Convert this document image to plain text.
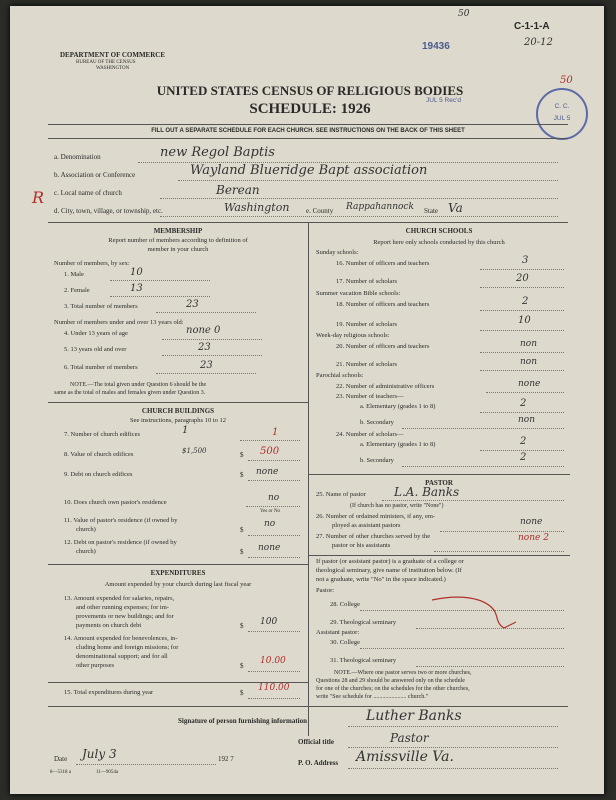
50
C-1-1-A
20-12
19436
50
DEPARTMENT OF COMMERCE
BUREAU OF THE CENSUS
WASHINGTON
UNITED STATES CENSUS OF RELIGIOUS BODIES
SCHEDULE: 1926
JUL 5 Rec'd
C. C.
JUL 5
FILL OUT A SEPARATE SCHEDULE FOR EACH CHURCH. SEE INSTRUCTIONS ON THE BACK OF THIS SHEET
R
a. Denomination	new Regol Baptis
b. Association or Conference	Wayland Blueridge Bapt association
c. Local name of church	Berean
d. City, town, village, or township, etc.	Washington e. County Rappahannock State Va
MEMBERSHIP
Report number of members according to definition of
member in your church
Number of members, by sex:
1. Male	10
2. Female	13
3. Total number of members	23
Number of members under and over 13 years old:
4. Under 13 years of age	none 0
5. 13 years old and over	23
6. Total number of members	23
NOTE.—The total given under Question 6 should be the
same as the total of males and females given under Question 3.
CHURCH BUILDINGS
See instructions, paragraphs 10 to 12
7. Number of church edifices	1	1
8. Value of church edifices	$1,500	$ 500
9. Debt on church edifices	$ none
10. Does church own pastor's residence	no
Yes or No
11. Value of pastor's residence (if owned by
church)	$
no
12. Debt on pastor's residence (if owned by
church)	$ none
EXPENDITURES
Amount expended by your church during last fiscal year
13. Amount expended for salaries, repairs,
and other running expenses; for im-
provements or new buildings; and for
payments on church debt	$ 100
14. Amount expended for benevolences, in-
cluding home and foreign missions; for
denominational support; and for all
other purposes	$ 10.00
15. Total expenditures during year	$ 110.00
CHURCH SCHOOLS
Report here only schools conducted by this church
Sunday schools:
16. Number of officers and teachers	3
17. Number of scholars	20
Summer vacation Bible schools:
18. Number of officers and teachers	2
19. Number of scholars	10
Week-day religious schools:
20. Number of officers and teachers	non
21. Number of scholars	non
Parochial schools:
22. Number of administrative officers	none
23. Number of teachers—
a. Elementary (grades 1 to 8)	2
b. Secondary	non
24. Number of scholars—
a. Elementary (grades 1 to 8)	2
b. Secondary	2
PASTOR
25. Name of pastor L.A. Banks
(If church has no pastor, write "None")
26. Number of ordained ministers, if any, em-
ployed as assistant pastors	none
27. Number of other churches served by the
pastor or his assistants
none 2
If pastor (or assistant pastor) is a graduate of a college or
theological seminary, give name of institution below. (If
not a graduate, write "No" in the space indicated.)
Pastor:
28. College
29. Theological seminary
Assistant pastor:
30. College
31. Theological seminary
NOTE.—Where one pastor serves two or more churches,
Questions 28 and 29 should be answered only on the schedule
for one of the churches; on the schedules for the other churches,
write "See schedule for ...................... church."
Signature of person furnishing information	Luther Banks
Official title	Pastor
Date July 3	192 7	P. O. Address Amissville Va.
8—5318 a	11—9054a
